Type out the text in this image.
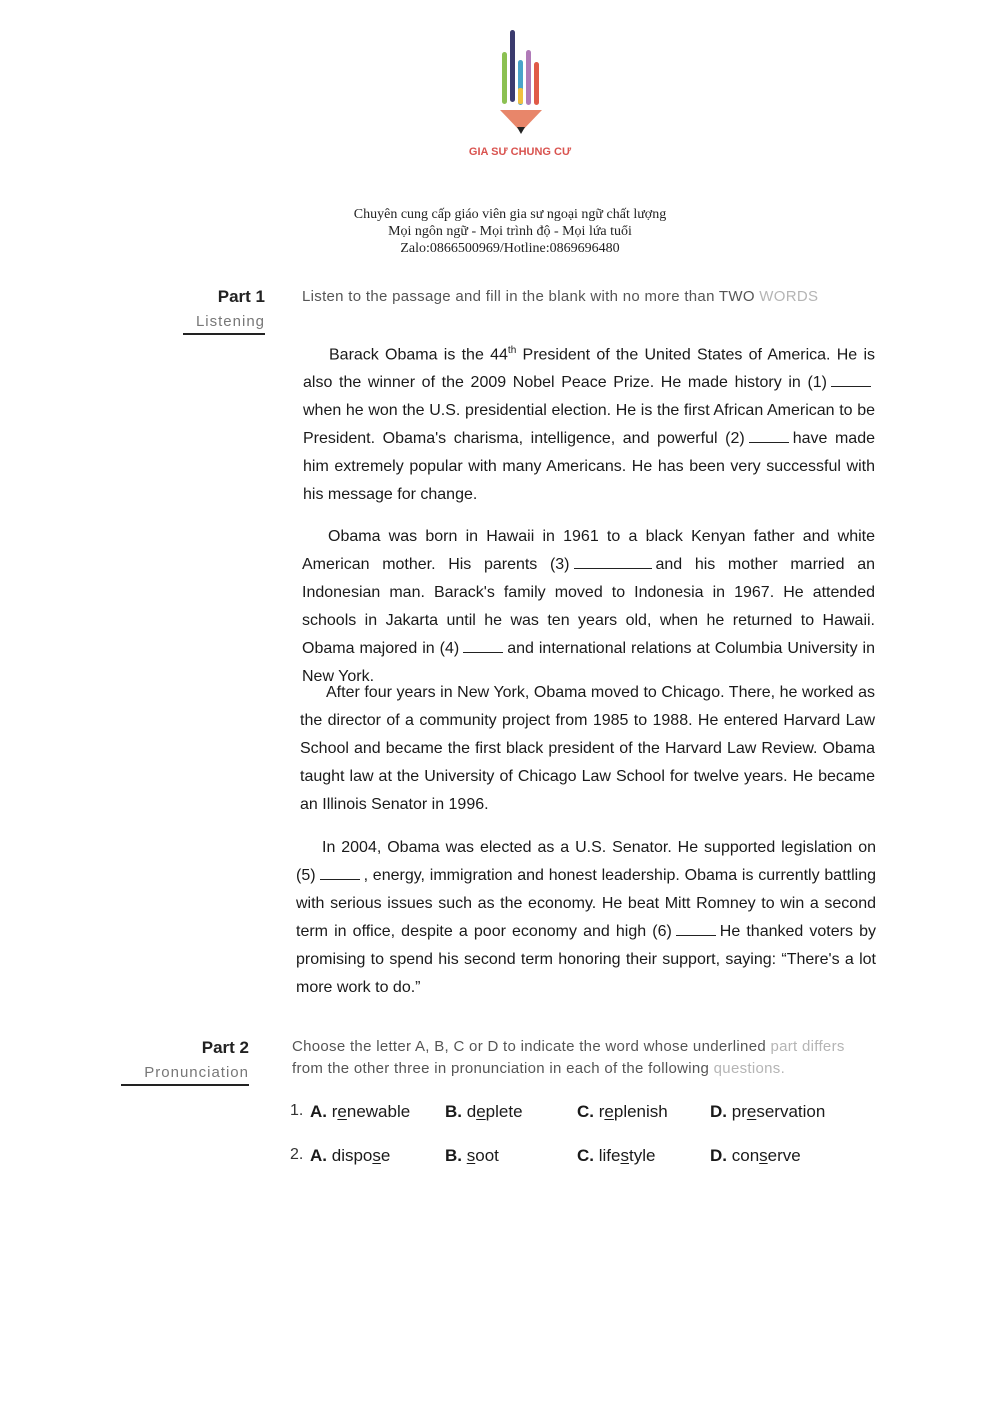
GIA SƯ CHUNG CƯ
Chuyên cung cấp giáo viên gia sư ngoại ngữ chất lượng
Mọi ngôn ngữ - Mọi trình độ - Mọi lứa tuổi
Zalo:0866500969/Hotline:0869696480
Part 1
Listening
Listen to the passage and fill in the blank with no more than TWO WORDS

Barack Obama is the 44th President of the United States of America. He is also the winner of the 2009 Nobel Peace Prize. He made history in (1)when he won the U.S. presidential election. He is the first African American to be President. Obama's charisma, intelligence, and powerful (2)	have made him extremely popular with many Americans. He has been very successful with his message for change.

Obama was born in Hawaii in 1961 to a black Kenyan father and white American mother. His parents (3)	and his mother married an Indonesian man. Barack's family moved to Indonesia in 1967. He attended schools in Jakarta until he was ten years old, when he returned to Hawaii. Obama majored in (4)	and international relations at Columbia University in New York.

After four years in New York, Obama moved to Chicago. There, he worked as the director of a community project from 1985 to 1988. He entered Harvard Law School and became the first black president of the Harvard Law Review. Obama taught law at the University of Chicago Law School for twelve years. He became an Illinois Senator in 1996.

In 2004, Obama was elected as a U.S. Senator. He supported legislation on (5)	, energy, immigration and honest leadership. Obama is currently battling with serious issues such as the economy. He beat Mitt Romney to win a second term in office, despite a poor economy and high (6)	He thanked voters by promising to spend his second term honoring their support, saying: “There's a lot more work to do.”

Part 2
Pronunciation
Choose the letter A, B, C or D to indicate the word whose underlined part differs
from the other three in pronunciation in each of the following questions.
1. A. renewable B. deplete	C. replenish D. preservation
2. A. dispose	B. soot	C. lifestyle	D. conserve
